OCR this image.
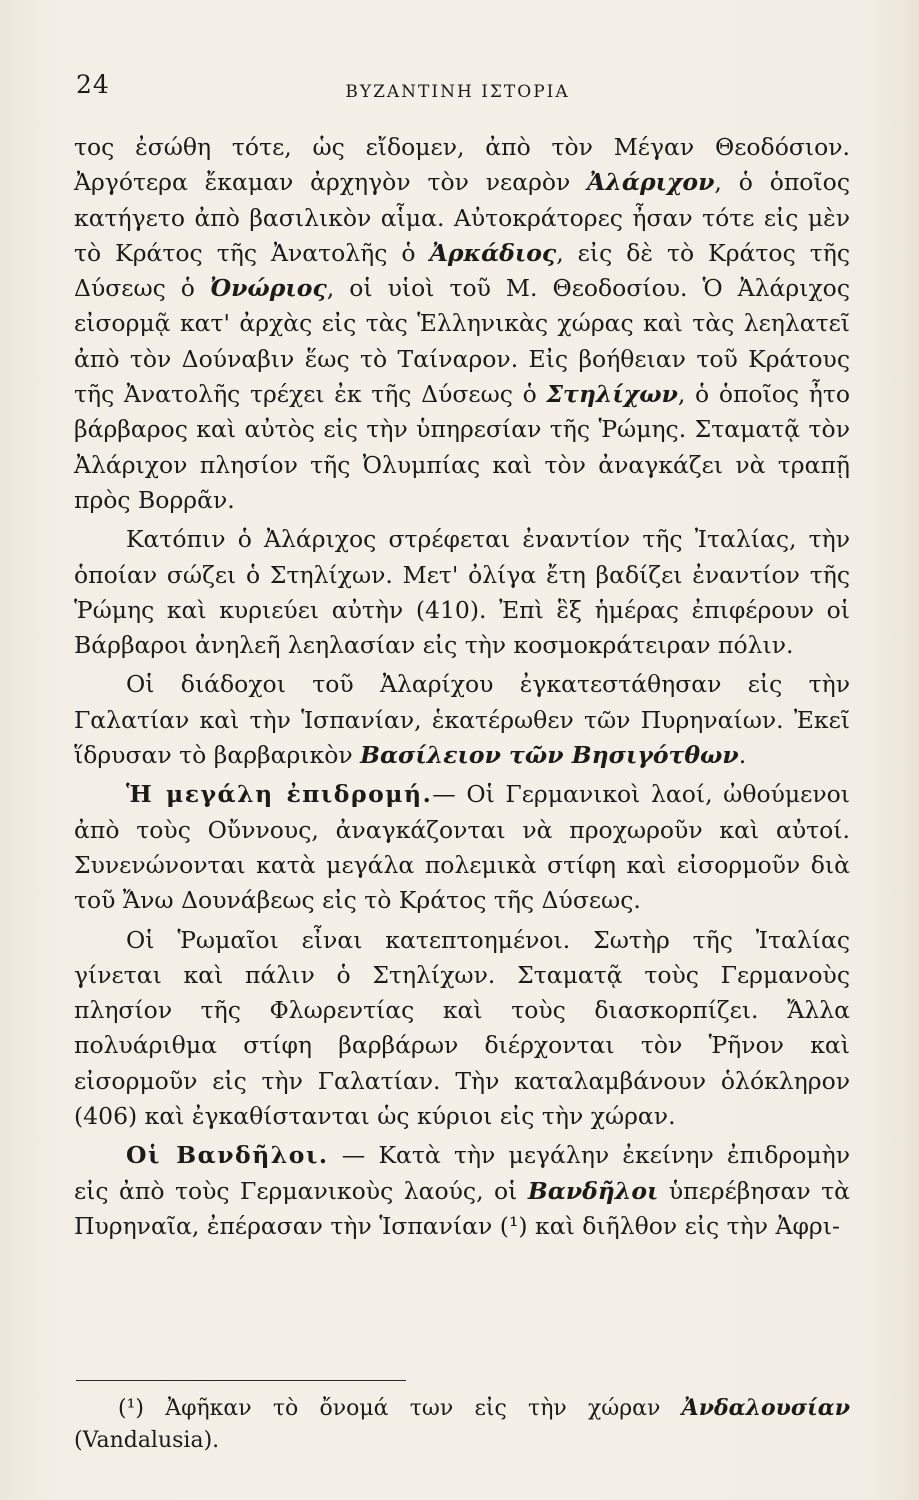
24	ΒΥΖΑΝΤΙΝΗ ΙΣΤΟΡΙΑ

τος ἐσώθη τότε, ὡς εἴδομεν, ἀπὸ τὸν Μέγαν Θεοδόσιον. Ἀργότερα ἔκαμαν ἀρχηγὸν τὸν νεαρὸν Ἀλάριχον, ὁ ὁποῖος κατήγετο ἀπὸ βασιλικὸν αἷμα. Αὐτοκράτορες ἦσαν τότε εἰς μὲν τὸ Κράτος τῆς Ἀνατολῆς ὁ Ἀρκάδιος, εἰς δὲ τὸ Κράτος τῆς Δύσεως ὁ Ὀνώριος, οἱ υἱοὶ τοῦ Μ. Θεοδοσίου. Ὁ Ἀλάριχος εἰσορμᾷ κατ' ἀρχὰς εἰς τὰς Ἑλληνικὰς χώρας καὶ τὰς λεηλατεῖ ἀπὸ τὸν Δούναβιν ἕως τὸ Ταίναρον. Εἰς βοήθειαν τοῦ Κράτους τῆς Ἀνατολῆς τρέχει ἐκ τῆς Δύσεως ὁ Στηλίχων, ὁ ὁποῖος ἦτο βάρβαρος καὶ αὐτὸς εἰς τὴν ὑπηρεσίαν τῆς Ῥώμης. Σταματᾷ τὸν Ἀλάριχον πλησίον τῆς Ὀλυμπίας καὶ τὸν ἀναγκάζει νὰ τραπῇ πρὸς Βορρᾶν.

Κατόπιν ὁ Ἀλάριχος στρέφεται ἐναντίον τῆς Ἰταλίας, τὴν ὁποίαν σώζει ὁ Στηλίχων. Μετ' ὀλίγα ἔτη βαδίζει ἐναντίον τῆς Ῥώμης καὶ κυριεύει αὐτὴν (410). Ἐπὶ ἓξ ἡμέρας ἐπιφέρουν οἱ Βάρβαροι ἀνηλεῆ λεηλασίαν εἰς τὴν κοσμοκράτειραν πόλιν.

Οἱ διάδοχοι τοῦ Ἀλαρίχου ἐγκατεστάθησαν εἰς τὴν Γαλατίαν καὶ τὴν Ἱσπανίαν, ἑκατέρωθεν τῶν Πυρηναίων. Ἐκεῖ ἵδρυσαν τὸ βαρβαρικὸν Βασίλειον τῶν Βησιγότθων.

Ἡ μεγάλη ἐπιδρομή.— Οἱ Γερμανικοὶ λαοί, ὠθούμενοι ἀπὸ τοὺς Οὔννους, ἀναγκάζονται νὰ προχωροῦν καὶ αὐτοί. Συνενώνονται κατὰ μεγάλα πολεμικὰ στίφη καὶ εἰσορμοῦν διὰ τοῦ Ἄνω Δουνάβεως εἰς τὸ Κράτος τῆς Δύσεως.

Οἱ Ῥωμαῖοι εἶναι κατεπτοημένοι. Σωτὴρ τῆς Ἰταλίας γίνεται καὶ πάλιν ὁ Στηλίχων. Σταματᾷ τοὺς Γερμανοὺς πλησίον τῆς Φλωρεντίας καὶ τοὺς διασκορπίζει. Ἄλλα πολυάριθμα στίφη βαρβάρων διέρχονται τὸν Ῥῆνον καὶ εἰσορμοῦν εἰς τὴν Γαλατίαν. Τὴν καταλαμβάνουν ὁλόκληρον (406) καὶ ἐγκαθίστανται ὡς κύριοι εἰς τὴν χώραν.

Οἱ Βανδῆλοι. — Κατὰ τὴν μεγάλην ἐκείνην ἐπιδρομὴν εἰς ἀπὸ τοὺς Γερμανικοὺς λαούς, οἱ Βανδῆλοι ὑπερέβησαν τὰ Πυρηναῖα, ἐπέρασαν τὴν Ἱσπανίαν (¹) καὶ διῆλθον εἰς τὴν Ἀφρι-

(¹) Ἀφῆκαν τὸ ὄνομά των εἰς τὴν χώραν Ἀνδαλουσίαν (Vandalusia).
